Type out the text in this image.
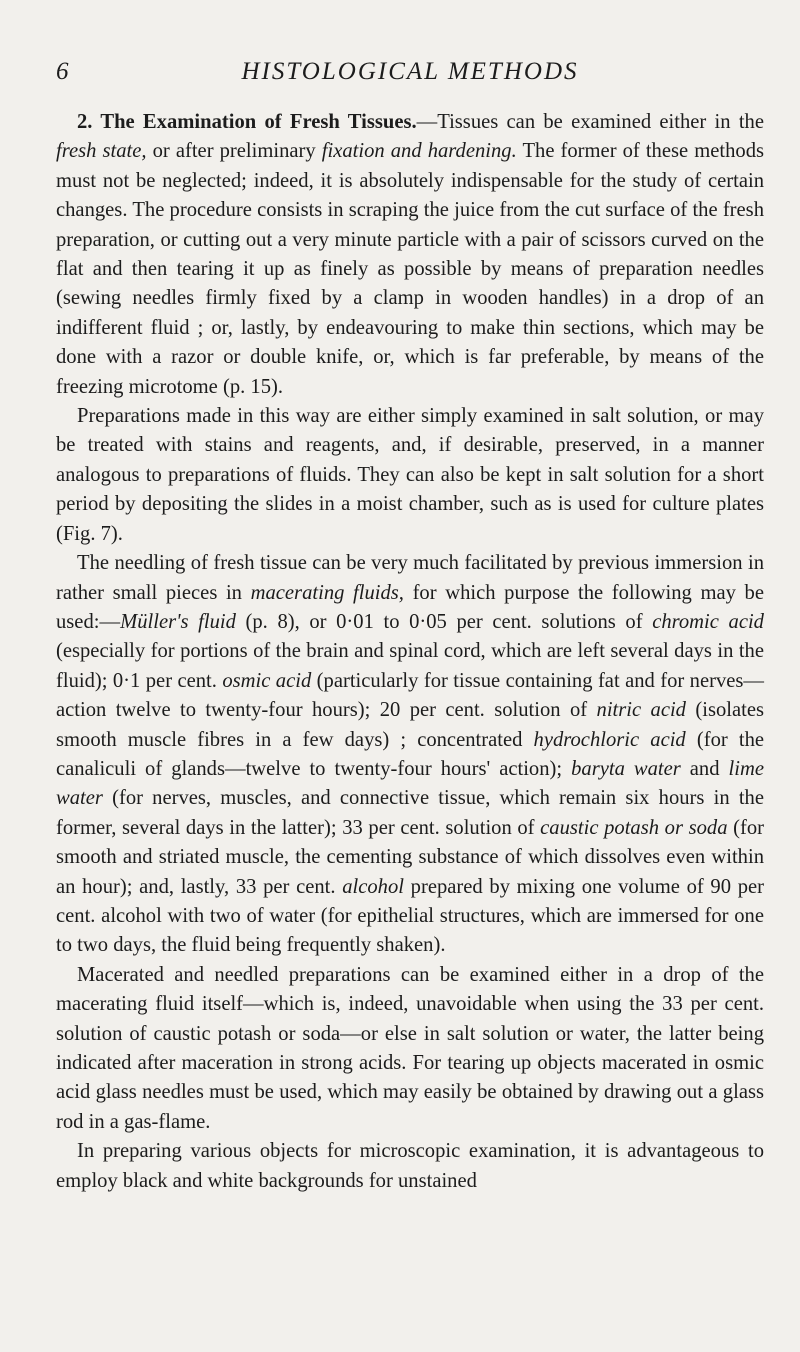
6	HISTOLOGICAL METHODS

2. The Examination of Fresh Tissues.—Tissues can be examined either in the fresh state, or after preliminary fixation and hardening. The former of these methods must not be neglected; indeed, it is absolutely indispensable for the study of certain changes. The procedure consists in scraping the juice from the cut surface of the fresh preparation, or cutting out a very minute particle with a pair of scissors curved on the flat and then tearing it up as finely as possible by means of preparation needles (sewing needles firmly fixed by a clamp in wooden handles) in a drop of an indifferent fluid ; or, lastly, by endeavouring to make thin sections, which may be done with a razor or double knife, or, which is far preferable, by means of the freezing microtome (p. 15).

Preparations made in this way are either simply examined in salt solution, or may be treated with stains and reagents, and, if desirable, preserved, in a manner analogous to preparations of fluids. They can also be kept in salt solution for a short period by depositing the slides in a moist chamber, such as is used for culture plates (Fig. 7).

The needling of fresh tissue can be very much facilitated by previous immersion in rather small pieces in macerating fluids, for which purpose the following may be used:—Müller's fluid (p. 8), or 0·01 to 0·05 per cent. solutions of chromic acid (especially for portions of the brain and spinal cord, which are left several days in the fluid); 0·1 per cent. osmic acid (particularly for tissue containing fat and for nerves—action twelve to twenty-four hours); 20 per cent. solution of nitric acid (isolates smooth muscle fibres in a few days) ; concentrated hydrochloric acid (for the canaliculi of glands—twelve to twenty-four hours' action); baryta water and lime water (for nerves, muscles, and connective tissue, which remain six hours in the former, several days in the latter); 33 per cent. solution of caustic potash or soda (for smooth and striated muscle, the cementing substance of which dissolves even within an hour); and, lastly, 33 per cent. alcohol prepared by mixing one volume of 90 per cent. alcohol with two of water (for epithelial structures, which are immersed for one to two days, the fluid being frequently shaken).

Macerated and needled preparations can be examined either in a drop of the macerating fluid itself—which is, indeed, unavoidable when using the 33 per cent. solution of caustic potash or soda—or else in salt solution or water, the latter being indicated after maceration in strong acids. For tearing up objects macerated in osmic acid glass needles must be used, which may easily be obtained by drawing out a glass rod in a gas-flame.

In preparing various objects for microscopic examination, it is advantageous to employ black and white backgrounds for unstained
